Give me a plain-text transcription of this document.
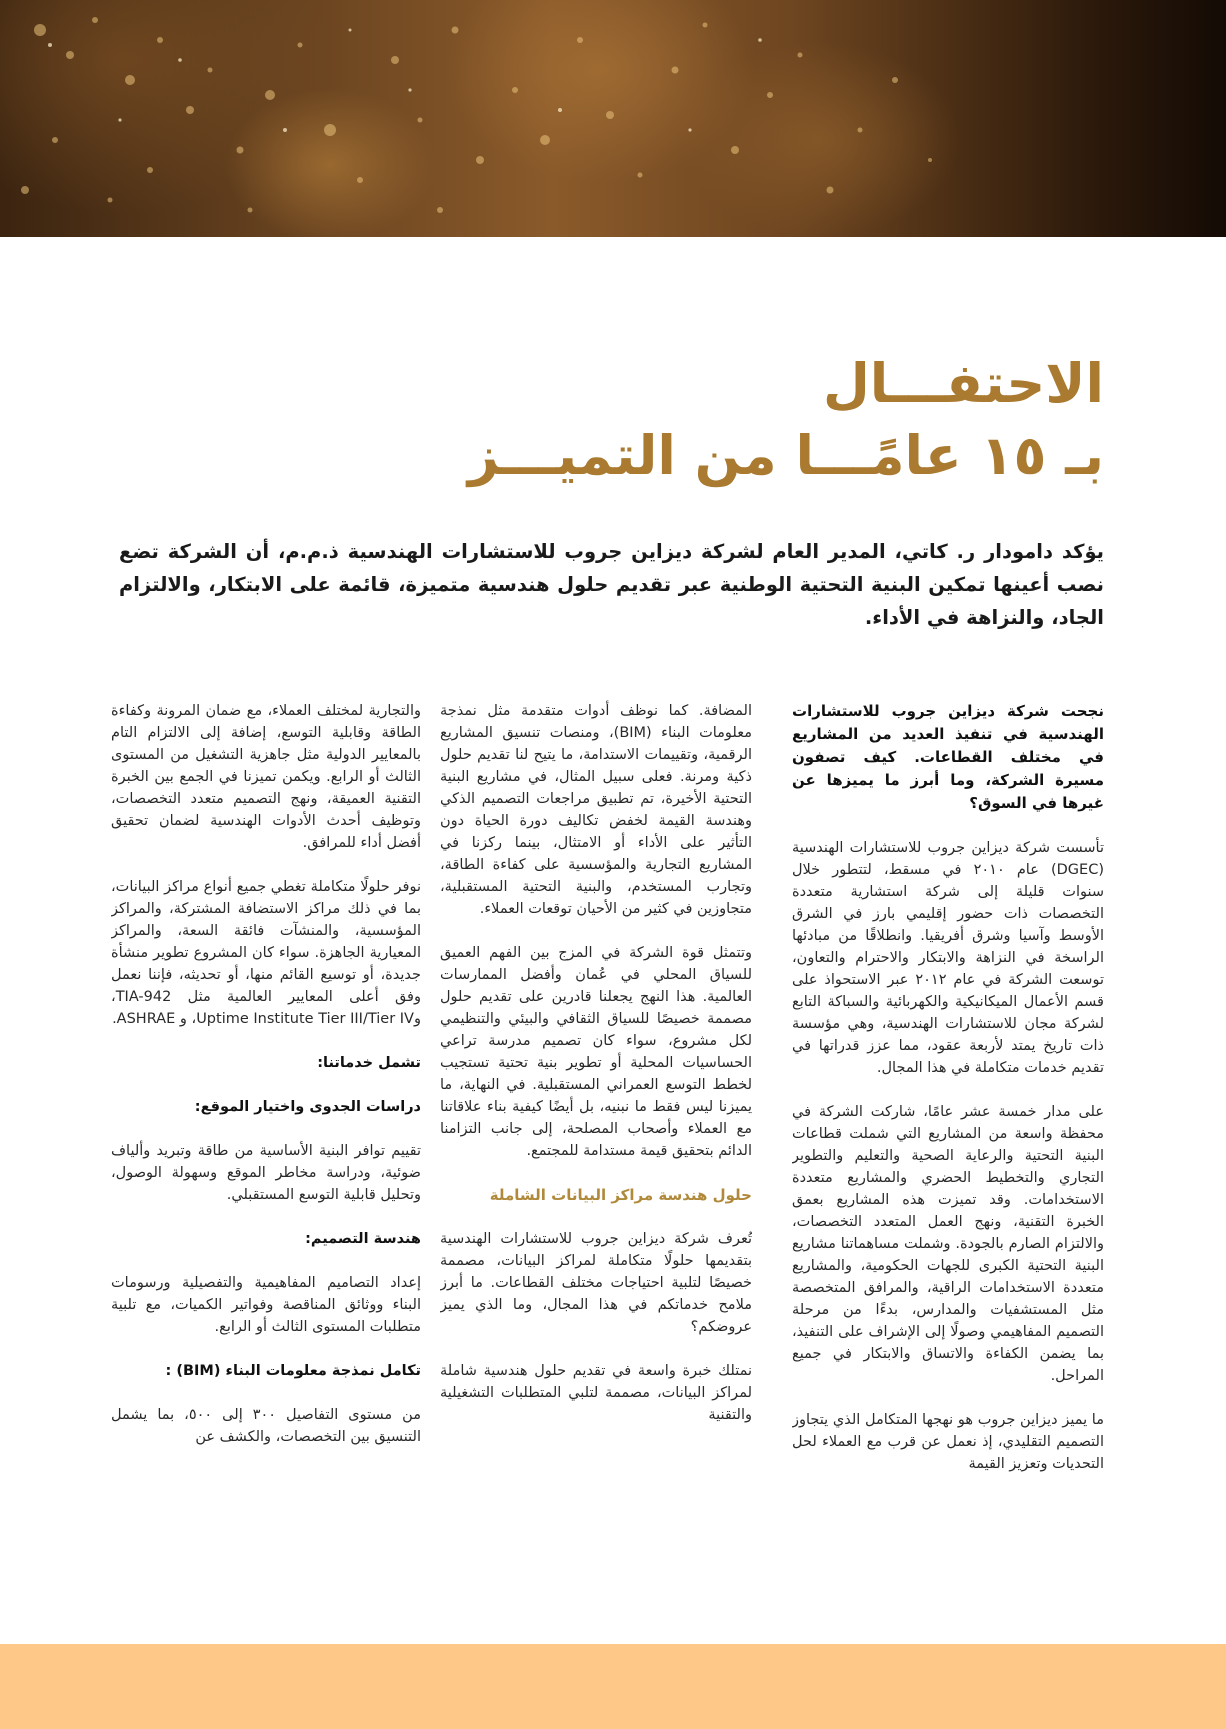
الاحتفـــال
بـ ١٥ عامًـــا من التميـــز

يؤكد دامودار ر. كاتي، المدير العام لشركة ديزاين جروب للاستشارات الهندسية ذ.م.م، أن الشركة تضع نصب أعينها تمكين البنية التحتية الوطنية عبر تقديم حلول هندسية متميزة، قائمة على الابتكار، والالتزام الجاد، والنزاهة في الأداء.

نجحت شركة ديزاين جروب للاستشارات الهندسية في تنفيذ العديد من المشاريع في مختلف القطاعات. كيف تصفون مسيرة الشركة، وما أبرز ما يميزها عن غيرها في السوق؟

تأسست شركة ديزاين جروب للاستشارات الهندسية (DGEC) عام ٢٠١٠ في مسقط، لتتطور خلال سنوات قليلة إلى شركة استشارية متعددة التخصصات ذات حضور إقليمي بارز في الشرق الأوسط وآسيا وشرق أفريقيا. وانطلاقًا من مبادئها الراسخة في النزاهة والابتكار والاحترام والتعاون، توسعت الشركة في عام ٢٠١٢ عبر الاستحواذ على قسم الأعمال الميكانيكية والكهربائية والسباكة التابع لشركة مجان للاستشارات الهندسية، وهي مؤسسة ذات تاريخ يمتد لأربعة عقود، مما عزز قدراتها في تقديم خدمات متكاملة في هذا المجال.

على مدار خمسة عشر عامًا، شاركت الشركة في محفظة واسعة من المشاريع التي شملت قطاعات البنية التحتية والرعاية الصحية والتعليم والتطوير التجاري والتخطيط الحضري والمشاريع متعددة الاستخدامات. وقد تميزت هذه المشاريع بعمق الخبرة التقنية، ونهج العمل المتعدد التخصصات، والالتزام الصارم بالجودة. وشملت مساهماتنا مشاريع البنية التحتية الكبرى للجهات الحكومية، والمشاريع متعددة الاستخدامات الراقية، والمرافق المتخصصة مثل المستشفيات والمدارس، بدءًا من مرحلة التصميم المفاهيمي وصولًا إلى الإشراف على التنفيذ، بما يضمن الكفاءة والاتساق والابتكار في جميع المراحل.

ما يميز ديزاين جروب هو نهجها المتكامل الذي يتجاوز التصميم التقليدي، إذ نعمل عن قرب مع العملاء لحل التحديات وتعزيز القيمة

المضافة. كما نوظف أدوات متقدمة مثل نمذجة معلومات البناء (BIM)، ومنصات تنسيق المشاريع الرقمية، وتقييمات الاستدامة، ما يتيح لنا تقديم حلول ذكية ومرنة. فعلى سبيل المثال، في مشاريع البنية التحتية الأخيرة، تم تطبيق مراجعات التصميم الذكي وهندسة القيمة لخفض تكاليف دورة الحياة دون التأثير على الأداء أو الامتثال، بينما ركزنا في المشاريع التجارية والمؤسسية على كفاءة الطاقة، وتجارب المستخدم، والبنية التحتية المستقبلية، متجاوزين في كثير من الأحيان توقعات العملاء.

وتتمثل قوة الشركة في المزج بين الفهم العميق للسياق المحلي في عُمان وأفضل الممارسات العالمية. هذا النهج يجعلنا قادرين على تقديم حلول مصممة خصيصًا للسياق الثقافي والبيئي والتنظيمي لكل مشروع، سواء كان تصميم مدرسة تراعي الحساسيات المحلية أو تطوير بنية تحتية تستجيب لخطط التوسع العمراني المستقبلية. في النهاية، ما يميزنا ليس فقط ما نبنيه، بل أيضًا كيفية بناء علاقاتنا مع العملاء وأصحاب المصلحة، إلى جانب التزامنا الدائم بتحقيق قيمة مستدامة للمجتمع.

حلول هندسة مراكز البيانات الشاملة

تُعرف شركة ديزاين جروب للاستشارات الهندسية بتقديمها حلولًا متكاملة لمراكز البيانات، مصممة خصيصًا لتلبية احتياجات مختلف القطاعات. ما أبرز ملامح خدماتكم في هذا المجال، وما الذي يميز عروضكم؟

نمتلك خبرة واسعة في تقديم حلول هندسية شاملة لمراكز البيانات، مصممة لتلبي المتطلبات التشغيلية والتقنية

والتجارية لمختلف العملاء، مع ضمان المرونة وكفاءة الطاقة وقابلية التوسع، إضافة إلى الالتزام التام بالمعايير الدولية مثل جاهزية التشغيل من المستوى الثالث أو الرابع. ويكمن تميزنا في الجمع بين الخبرة التقنية العميقة، ونهج التصميم متعدد التخصصات، وتوظيف أحدث الأدوات الهندسية لضمان تحقيق أفضل أداء للمرافق.

نوفر حلولًا متكاملة تغطي جميع أنواع مراكز البيانات، بما في ذلك مراكز الاستضافة المشتركة، والمراكز المؤسسية، والمنشآت فائقة السعة، والمراكز المعيارية الجاهزة. سواء كان المشروع تطوير منشأة جديدة، أو توسيع القائم منها، أو تحديثه، فإننا نعمل وفق أعلى المعايير العالمية مثل TIA-942، وUptime Institute Tier III/Tier IV، و ASHRAE.

تشمل خدماتنا:

دراسات الجدوى واختيار الموقع:

تقييم توافر البنية الأساسية من طاقة وتبريد وألياف ضوئية، ودراسة مخاطر الموقع وسهولة الوصول، وتحليل قابلية التوسع المستقبلي.

هندسة التصميم:

إعداد التصاميم المفاهيمية والتفصيلية ورسومات البناء ووثائق المناقصة وفواتير الكميات، مع تلبية متطلبات المستوى الثالث أو الرابع.

تكامل نمذجة معلومات البناء (BIM) :

من مستوى التفاصيل ٣٠٠ إلى ٥٠٠، بما يشمل التنسيق بين التخصصات، والكشف عن
